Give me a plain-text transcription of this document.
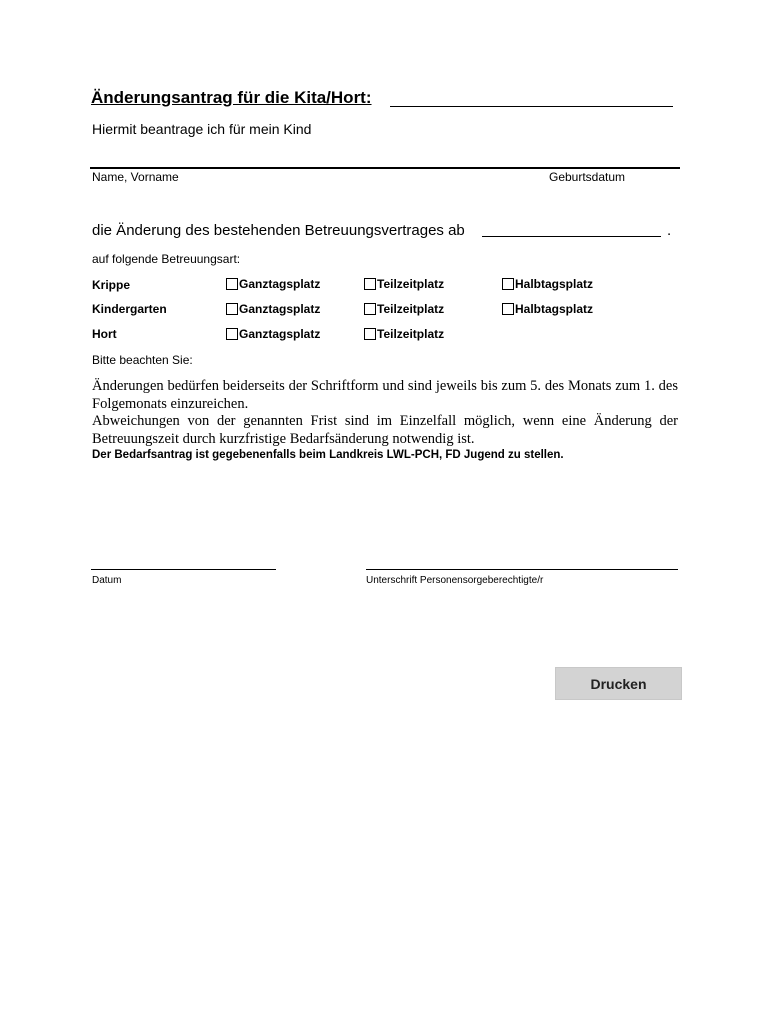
Änderungsantrag für die Kita/Hort:
Hiermit beantrage ich für mein Kind
Name, Vorname	Geburtsdatum
die Änderung des bestehenden Betreuungsvertrages ab	.
auf folgende Betreuungsart:
Krippe	Ganztagsplatz	Teilzeitplatz	Halbtagsplatz
Kindergarten	Ganztagsplatz	Teilzeitplatz	Halbtagsplatz
Hort	Ganztagsplatz	Teilzeitplatz
Bitte beachten Sie:

Änderungen bedürfen beiderseits der Schriftform und sind jeweils bis zum 5. des Monats zum 1. des Folgemonats einzureichen.

Abweichungen von der genannten Frist sind im Einzelfall möglich, wenn eine Änderung der Betreuungszeit durch kurzfristige Bedarfsänderung notwendig ist.

Der Bedarfsantrag ist gegebenenfalls beim Landkreis LWL-PCH, FD Jugend zu stellen.
Datum	Unterschrift Personensorgeberechtigte/r
Drucken
